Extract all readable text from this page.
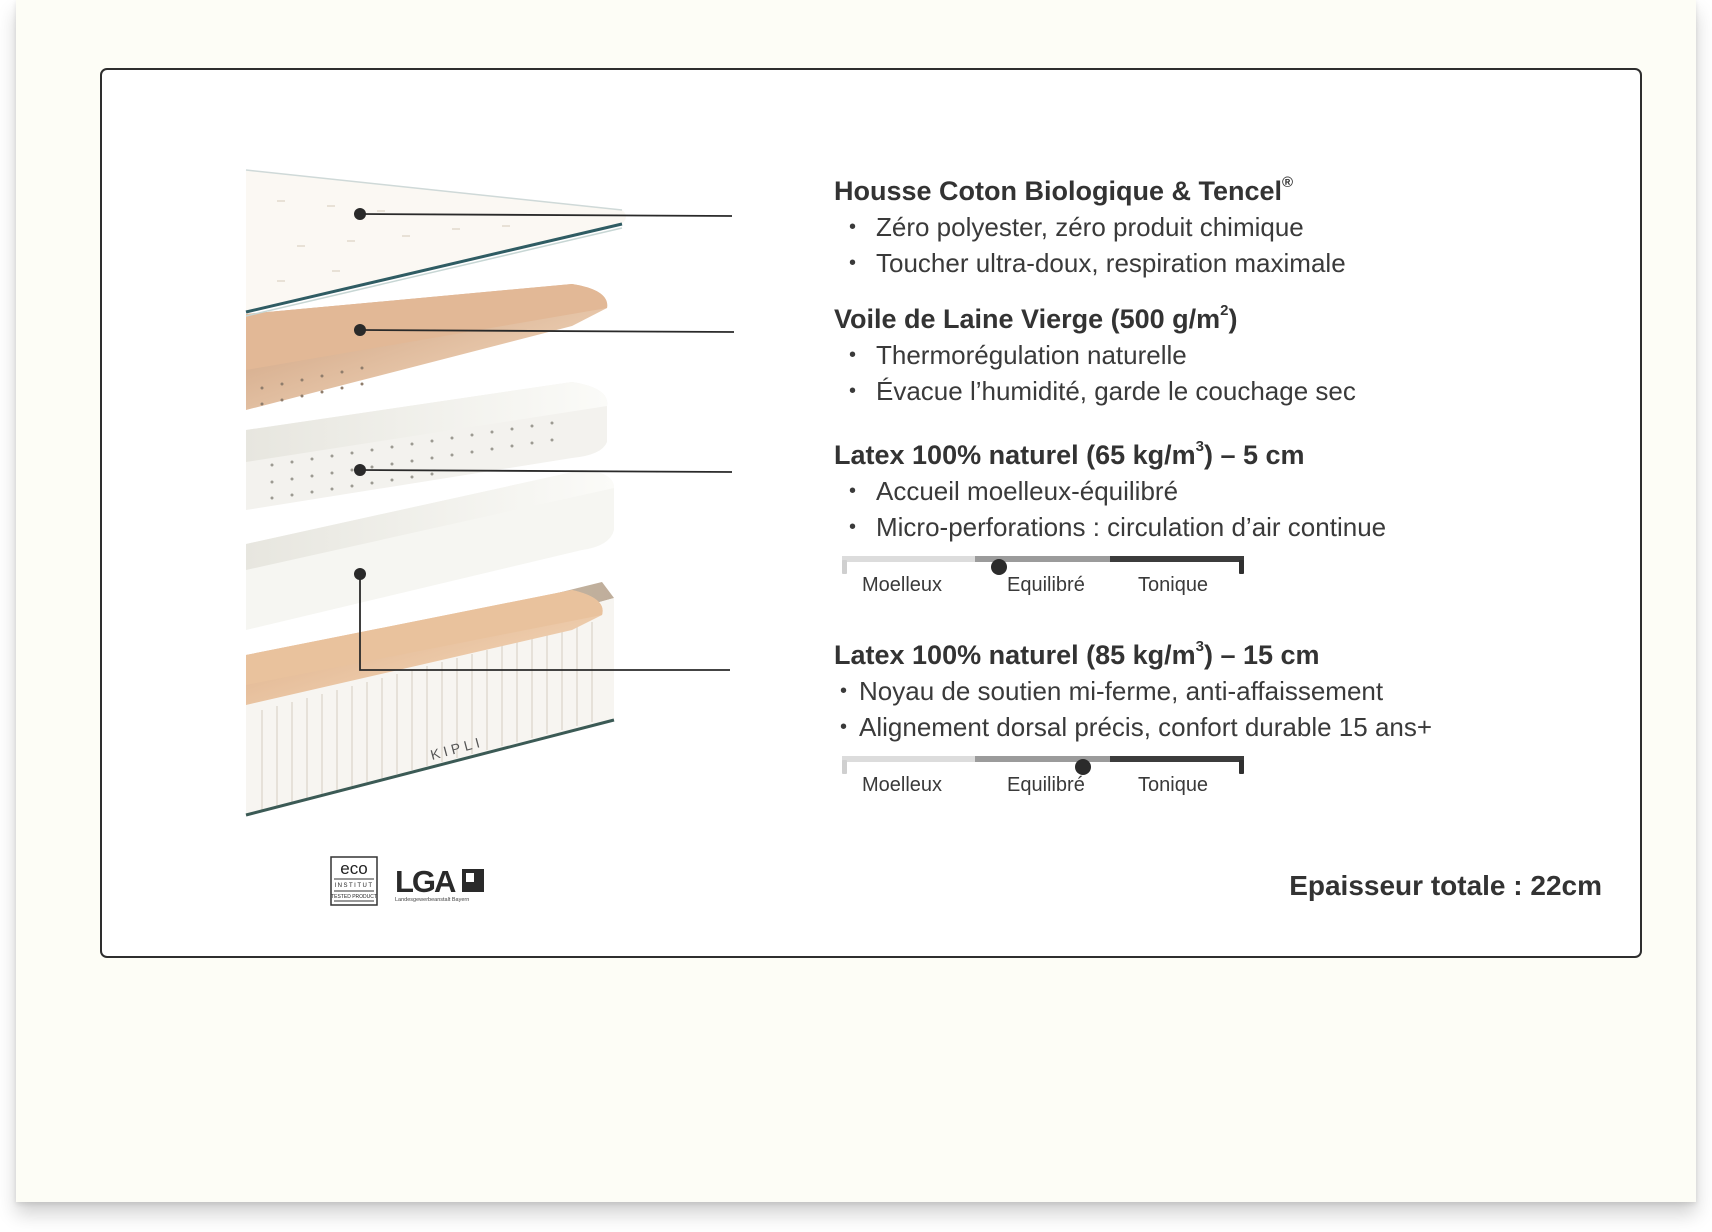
KIPLI
Housse Coton Biologique & Tencel®
• Zéro polyester, zéro produit chimique
• Toucher ultra-doux, respiration maximale
Voile de Laine Vierge (500 $g/m^2$)
• Thermorégulation naturelle
• Évacue l’humidité, garde le couchage sec
Latex 100% naturel (65 $kg/m^3) - 5$ cm
• Accueil moelleux-équilibré
• Micro-perforations : circulation d’air continue
Moelleux	Equilibré	Tonique
Latex 100% naturel (85 $kg/m^3) - 15$ cm
• Noyau de soutien mi-ferme, anti-affaissement
• Alignement dorsal précis, confort durable 15 ans+
Moelleux	Equilibré	Tonique
eco
INSTITUT
TESTED PRODUCT LGA
Landesgewerbeanstalt Bayern	Epaisseur totale : 22cm
